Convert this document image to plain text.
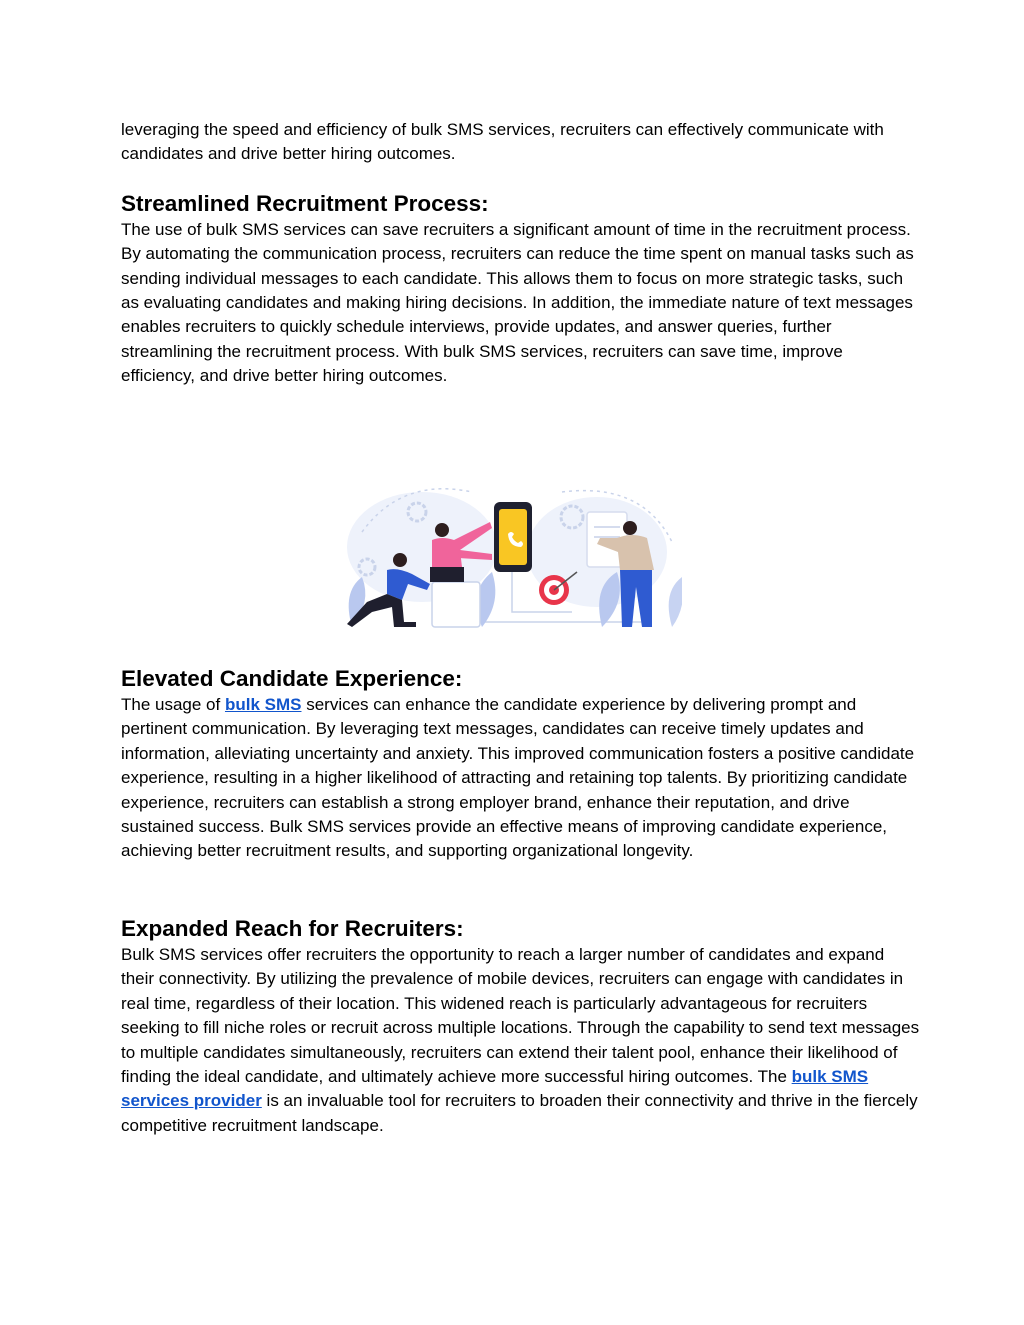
leveraging the speed and efficiency of bulk SMS services, recruiters can effectively communicate with candidates and drive better hiring outcomes.

Streamlined Recruitment Process:

The use of bulk SMS services can save recruiters a significant amount of time in the recruitment process. By automating the communication process, recruiters can reduce the time spent on manual tasks such as sending individual messages to each candidate. This allows them to focus on more strategic tasks, such as evaluating candidates and making hiring decisions. In addition, the immediate nature of text messages enables recruiters to quickly schedule interviews, provide updates, and answer queries, further streamlining the recruitment process. With bulk SMS services, recruiters can save time, improve efficiency, and drive better hiring outcomes.

Elevated Candidate Experience:

The usage of bulk SMS services can enhance the candidate experience by delivering prompt and pertinent communication. By leveraging text messages, candidates can receive timely updates and information, alleviating uncertainty and anxiety. This improved communication fosters a positive candidate experience, resulting in a higher likelihood of attracting and retaining top talents. By prioritizing candidate experience, recruiters can establish a strong employer brand, enhance their reputation, and drive sustained success. Bulk SMS services provide an effective means of improving candidate experience, achieving better recruitment results, and supporting organizational longevity.

Expanded Reach for Recruiters:

Bulk SMS services offer recruiters the opportunity to reach a larger number of candidates and expand their connectivity. By utilizing the prevalence of mobile devices, recruiters can engage with candidates in real time, regardless of their location. This widened reach is particularly advantageous for recruiters seeking to fill niche roles or recruit across multiple locations. Through the capability to send text messages to multiple candidates simultaneously, recruiters can extend their talent pool, enhance their likelihood of finding the ideal candidate, and ultimately achieve more successful hiring outcomes. The bulk SMS services provider is an invaluable tool for recruiters to broaden their connectivity and thrive in the fiercely competitive recruitment landscape.
